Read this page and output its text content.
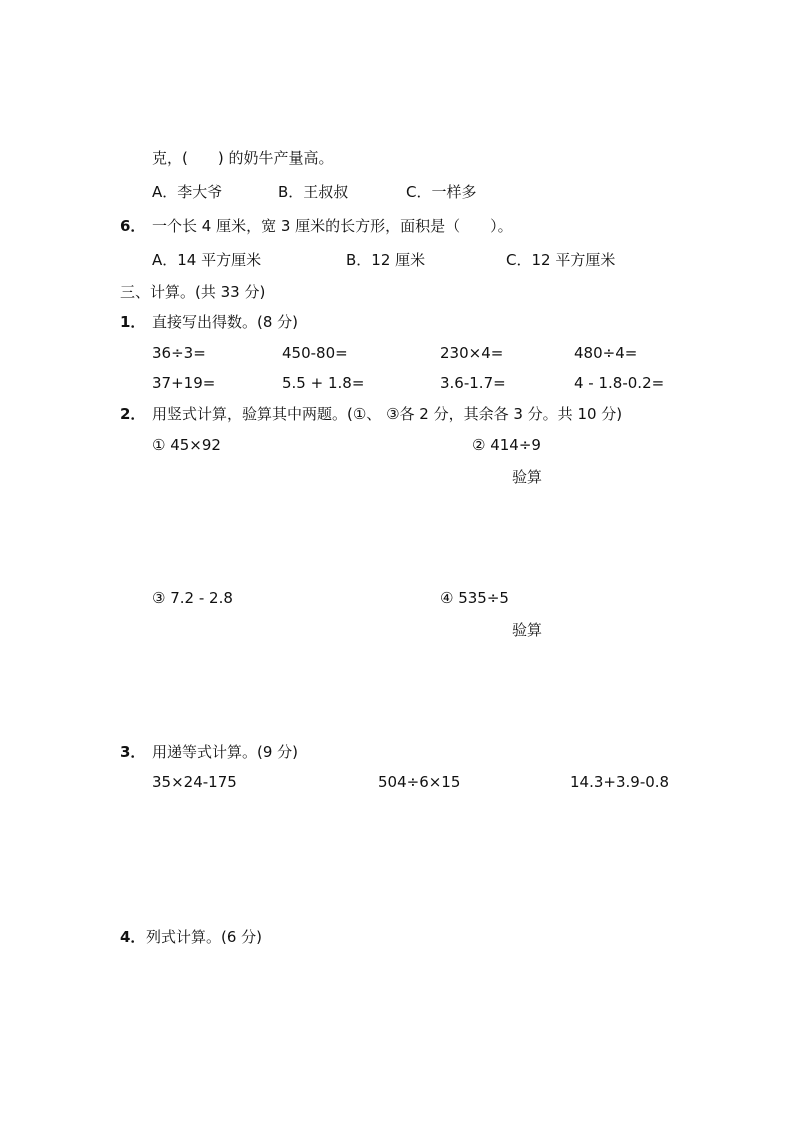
克，(　　) 的奶牛产量高。
A．李大爷	B．王叔叔	C．一样多
6． 一个长 4 厘米，宽 3 厘米的长方形，面积是（　　）。
A．14 平方厘米	B．12 厘米	C．12 平方厘米
三、计算。(共 33 分)
1． 直接写出得数。(8 分)
36÷3=	450-80=	230×4=	480÷4=
37+19=	5.5 + 1.8=	3.6-1.7=	4 - 1.8-0.2=
2． 用竖式计算，验算其中两题。(①、 ③各 2 分，其余各 3 分。共 10 分)
① 45×92	② 414÷9
验算
③ 7.2 - 2.8	④ 535÷5
验算
3． 用递等式计算。(9 分)
35×24-175	504÷6×15	14.3+3.9-0.8
4． 列式计算。(6 分)
